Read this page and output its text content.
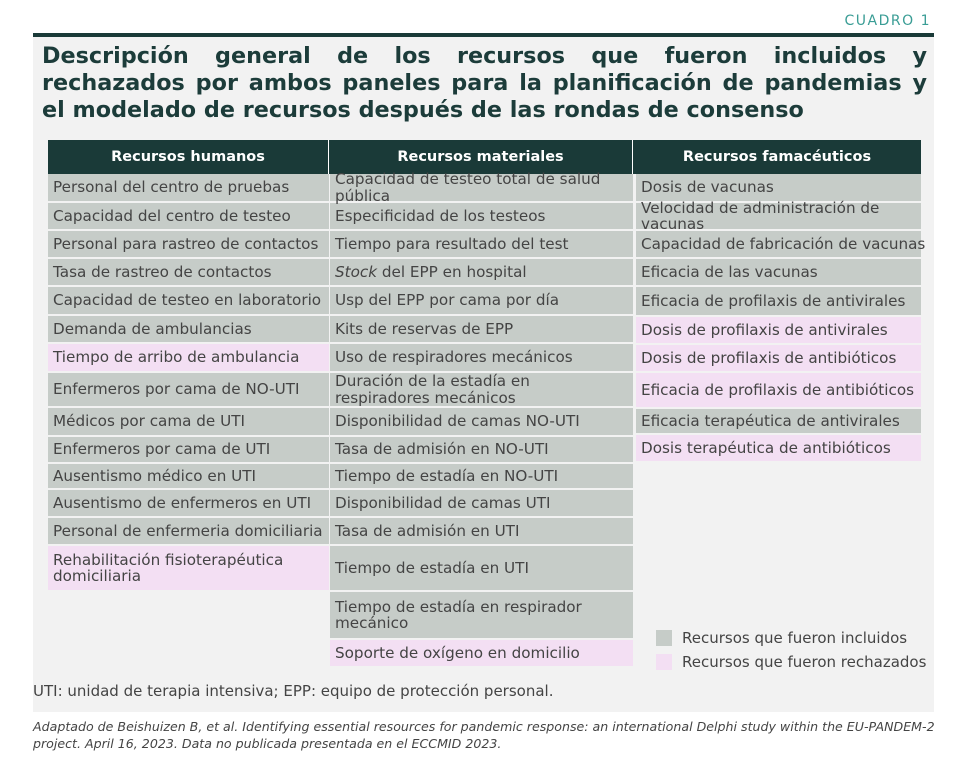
CUADRO 1
Descripción general de los recursos que fueron incluidos y rechazados por ambos paneles para la planificación de pandemias y el modelado de recursos después de las rondas de consenso
Recursos humanos
Personal del centro de pruebas
Capacidad del centro de testeo
Personal para rastreo de contactos
Tasa de rastreo de contactos
Capacidad de testeo en laboratorio
Demanda de ambulancias
Tiempo de arribo de ambulancia
Enfermeros por cama de NO-UTI
Médicos por cama de UTI
Enfermeros por cama de UTI
Ausentismo médico en UTI
Ausentismo de enfermeros en UTI
Personal de enfermeria domiciliaria
Rehabilitación fisioterapéutica domiciliaria
Recursos materiales
Capacidad de testeo total de salud pública
Especificidad de los testeos
Tiempo para resultado del test
Stock del EPP en hospital
Usp del EPP por cama por día
Kits de reservas de EPP
Uso de respiradores mecánicos
Duración de la estadía en respiradores mecánicos
Disponibilidad de camas NO-UTI
Tasa de admisión en NO-UTI
Tiempo de estadía en NO-UTI
Disponibilidad de camas UTI
Tasa de admisión en UTI
Tiempo de estadía en UTI
Tiempo de estadía en respirador mecánico
Soporte de oxígeno en domicilio
Recursos famacéuticos
Dosis de vacunas
Velocidad de administración de vacunas
Capacidad de fabricación de vacunas
Eficacia de las vacunas
Eficacia de profilaxis de antivirales
Dosis de profilaxis de antivirales
Dosis de profilaxis de antibióticos
Eficacia de profilaxis de antibióticos
Eficacia terapéutica de antivirales
Dosis terapéutica de antibióticos
Recursos que fueron incluidos
Recursos que fueron rechazados
UTI: unidad de terapia intensiva; EPP: equipo de protección personal.
Adaptado de Beishuizen B, et al. Identifying essential resources for pandemic response: an international Delphi study within the EU-PANDEM-2 project. April 16, 2023. Data no publicada presentada en el ECCMID 2023.
